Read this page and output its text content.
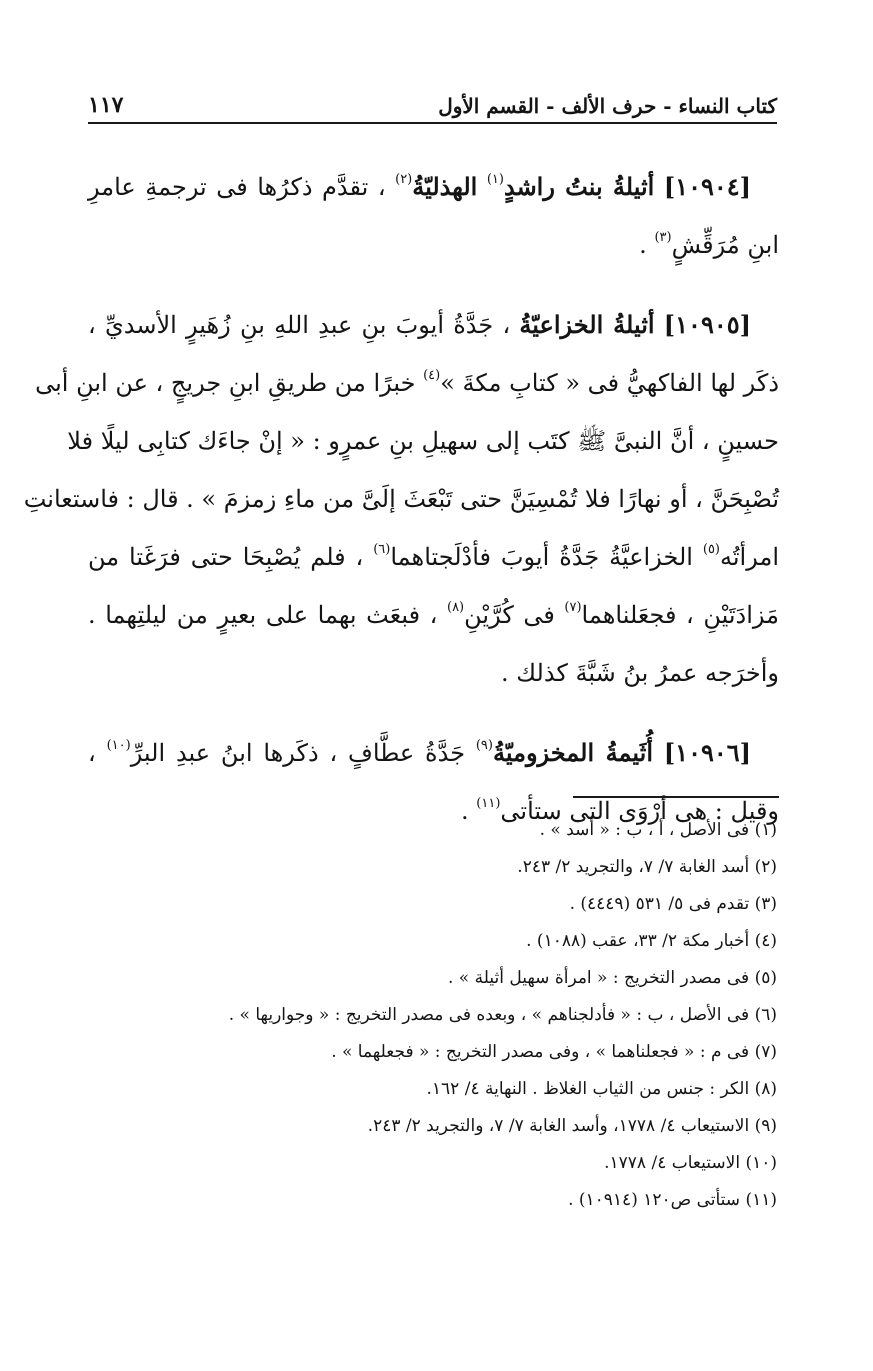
١١٧	كتاب النساء - حرف الألف - القسم الأول
[١٠٩٠٤] أثيلةُ بنتُ راشدٍ$^{(١)}$ الهذليّةُ$^{(٢)}$ ، تقدَّم ذكرُها فى ترجمةِ عامرِ
ابنِ مُرَقِّشٍ$^{(٣)}$ .
[١٠٩٠٥] أثيلةُ الخزاعيّةُ ، جَدَّةُ أيوبَ بنِ عبدِ اللهِ بنِ زُهَيرٍ الأسديِّ ،
ذكَر لها الفاكهيُّ فى « كتابِ مكةَ »$^{(٤)}$ خبرًا من طريقِ ابنِ جريجٍ ، عن ابنِ أبى
حسينٍ ، أنَّ النبىَّ ﷺ كتَب إلى سهيلِ بنِ عمرٍو : « إنْ جاءَك كتابِى ليلًا فلا
تُصْبِحَنَّ ، أو نهارًا فلا تُمْسِيَنَّ حتى تَبْعَثَ إلَىَّ من ماءِ زمزمَ » . قال : فاستعانتِ
امرأتُه$^{(٥)}$ الخزاعيَّةُ جَدَّةُ أيوبَ فأدْلَجتاهما$^{(٦)}$ ، فلم يُصْبِحَا حتى فرَغَتا من
مَزادَتَيْنِ ، فجعَلناهما$^{(٧)}$ فى كُرَّيْنِ$^{(٨)}$ ، فبعَث بهما على بعيرٍ من ليلتِهما .
وأخرَجه عمرُ بنُ شَبَّةَ كذلك .
[١٠٩٠٦] أُثَيمةُ المخزوميّةُ$^{(٩)}$ جَدَّةُ عطَّافٍ ، ذكَرها ابنُ عبدِ البرِّ$^{(١٠)}$ ،
وقيل : هى أرْوَى التى ستأتى$^{(١١)}$ .
(١) فى الأصل ، أ ، ب : « أسد » .
(٢) أسد الغابة ٧/ ٧، والتجريد ٢/ ٢٤٣.
(٣) تقدم فى ٥/ ٥٣١ (٤٤٤٩) .
(٤) أخبار مكة ٢/ ٣٣، عقب (١٠٨٨) .
(٥) فى مصدر التخريج : « امرأة سهيل أثيلة » .
(٦) فى الأصل ، ب : « فأدلجناهم » ، وبعده فى مصدر التخريج : « وجواريها » .
(٧) فى م : « فجعلناهما » ، وفى مصدر التخريج : « فجعلهما » .
(٨) الكر : جنس من الثياب الغلاظ . النهاية ٤/ ١٦٢.
(٩) الاستيعاب ٤/ ١٧٧٨، وأسد الغابة ٧/ ٧، والتجريد ٢/ ٢٤٣.
(١٠) الاستيعاب ٤/ ١٧٧٨.
(١١) ستأتى ص١٢٠ (١٠٩١٤) .
